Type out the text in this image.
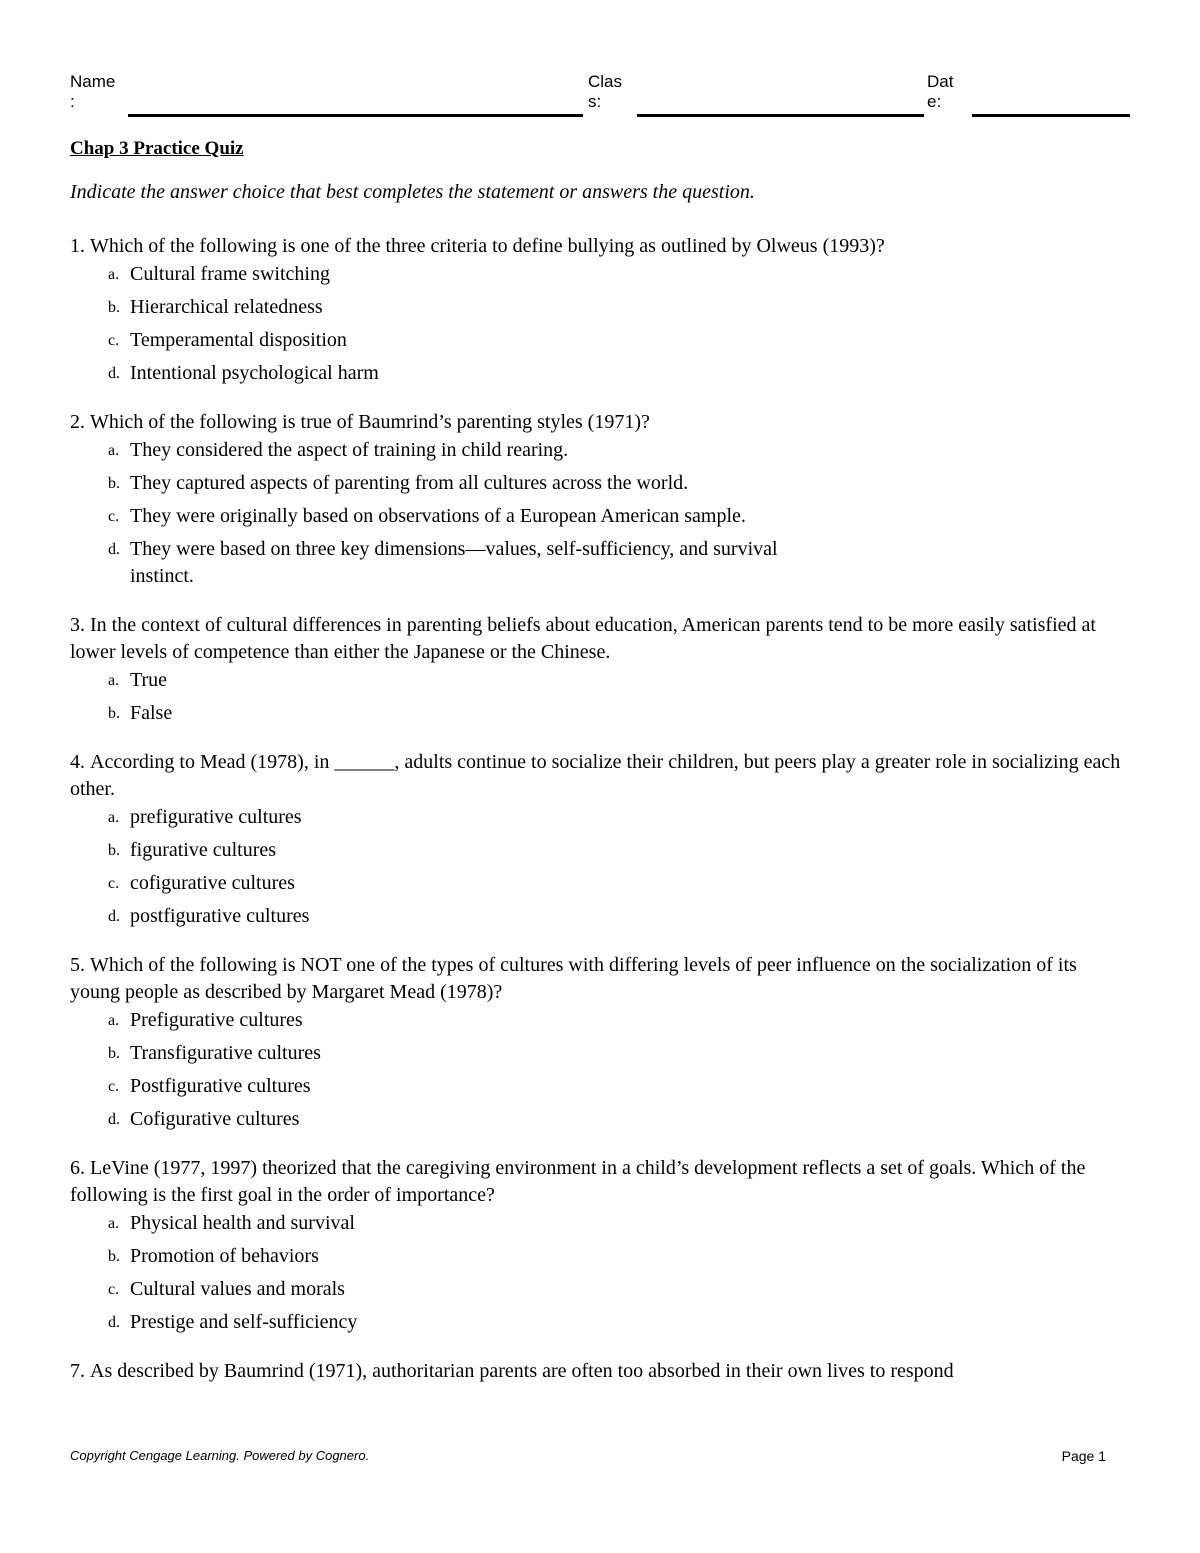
Name
:
Clas
s:
Dat
e:
Chap 3 Practice Quiz
Indicate the answer choice that best completes the statement or answers the question.
1 . Which of the following is one of the three criteria to define bullying as outlined by Olweus (1993)?
a . Cultural frame switching
b . Hierarchical relatedness
c . Temperamental disposition
d . Intentional psychological harm
2 . Which of the following is true of Baumrind’s parenting styles (1971)?
a . They considered the aspect of training in child rearing.
b . They captured aspects of parenting from all cultures across the world.
c . They were originally based on observations of a European American sample.
d . They were based on three key dimensions—values, self-sufficiency, and survival instinct.
3 . In the context of cultural differences in parenting beliefs about education, American parents tend to be more easily satisfied at lower levels of competence than either the Japanese or the Chinese.
a . True
b . False
4 . According to Mead (1978), in ______, adults continue to socialize their children, but peers play a greater role in socializing each other.
a . prefigurative cultures
b . figurative cultures
c . cofigurative cultures
d . postfigurative cultures
5 . Which of the following is NOT one of the types of cultures with differing levels of peer influence on the socialization of its young people as described by Margaret Mead (1978)?
a . Prefigurative cultures
b . Transfigurative cultures
c . Postfigurative cultures
d . Cofigurative cultures
6 . LeVine (1977, 1997) theorized that the caregiving environment in a child’s development reflects a set of goals. Which of the following is the first goal in the order of importance?
a . Physical health and survival
b . Promotion of behaviors
c . Cultural values and morals
d . Prestige and self-sufficiency
7 . As described by Baumrind (1971), authoritarian parents are often too absorbed in their own lives to respond
Copyright Cengage Learning. Powered by Cognero.	Page 1
